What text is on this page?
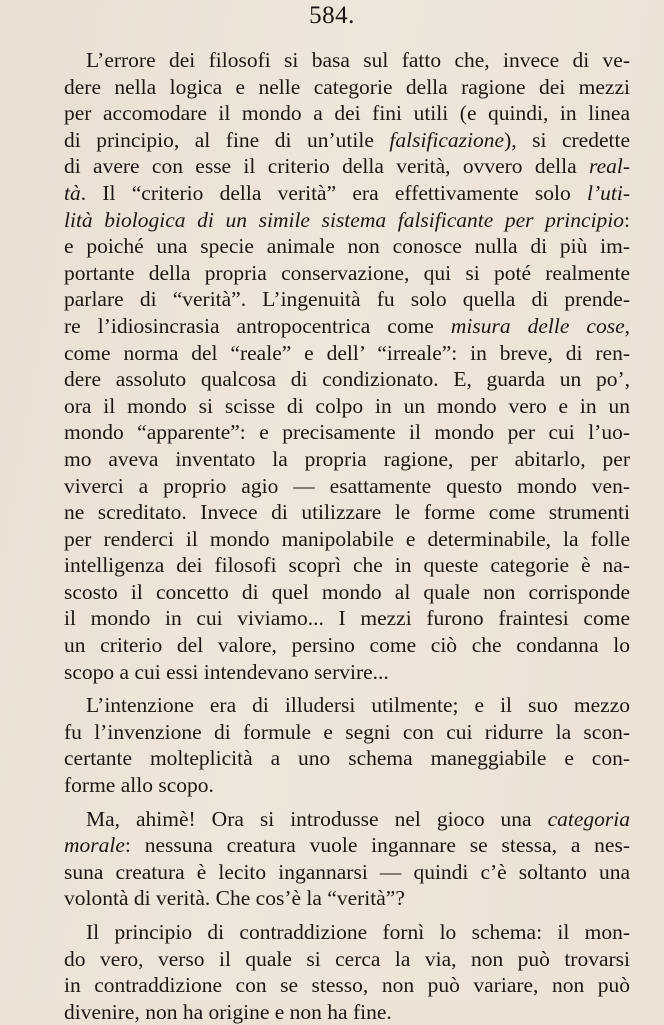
584.
L’errore dei filosofi si basa sul fatto che, invece di ve-
dere nella logica e nelle categorie della ragione dei mezzi
per accomodare il mondo a dei fini utili (e quindi, in linea
di principio, al fine di un’utile falsificazione), si credette
di avere con esse il criterio della verità, ovvero della real-
tà. Il “criterio della verità” era effettivamente solo l’uti-
lità biologica di un simile sistema falsificante per principio:
e poiché una specie animale non conosce nulla di più im-
portante della propria conservazione, qui si poté realmente
parlare di “verità”. L’ingenuità fu solo quella di prende-
re l’idiosincrasia antropocentrica come misura delle cose,
come norma del “reale” e dell’ “irreale”: in breve, di ren-
dere assoluto qualcosa di condizionato. E, guarda un po’,
ora il mondo si scisse di colpo in un mondo vero e in un
mondo “apparente”: e precisamente il mondo per cui l’uo-
mo aveva inventato la propria ragione, per abitarlo, per
viverci a proprio agio — esattamente questo mondo ven-
ne screditato. Invece di utilizzare le forme come strumenti
per renderci il mondo manipolabile e determinabile, la folle
intelligenza dei filosofi scoprì che in queste categorie è na-
scosto il concetto di quel mondo al quale non corrisponde
il mondo in cui viviamo... I mezzi furono fraintesi come
un criterio del valore, persino come ciò che condanna lo
scopo a cui essi intendevano servire...
L’intenzione era di illudersi utilmente; e il suo mezzo
fu l’invenzione di formule e segni con cui ridurre la scon-
certante molteplicità a uno schema maneggiabile e con-
forme allo scopo.
Ma, ahimè! Ora si introdusse nel gioco una categoria
morale: nessuna creatura vuole ingannare se stessa, a nes-
suna creatura è lecito ingannarsi — quindi c’è soltanto una
volontà di verità. Che cos’è la “verità”?
Il principio di contraddizione fornì lo schema: il mon-
do vero, verso il quale si cerca la via, non può trovarsi
in contraddizione con se stesso, non può variare, non può
divenire, non ha origine e non ha fine.
